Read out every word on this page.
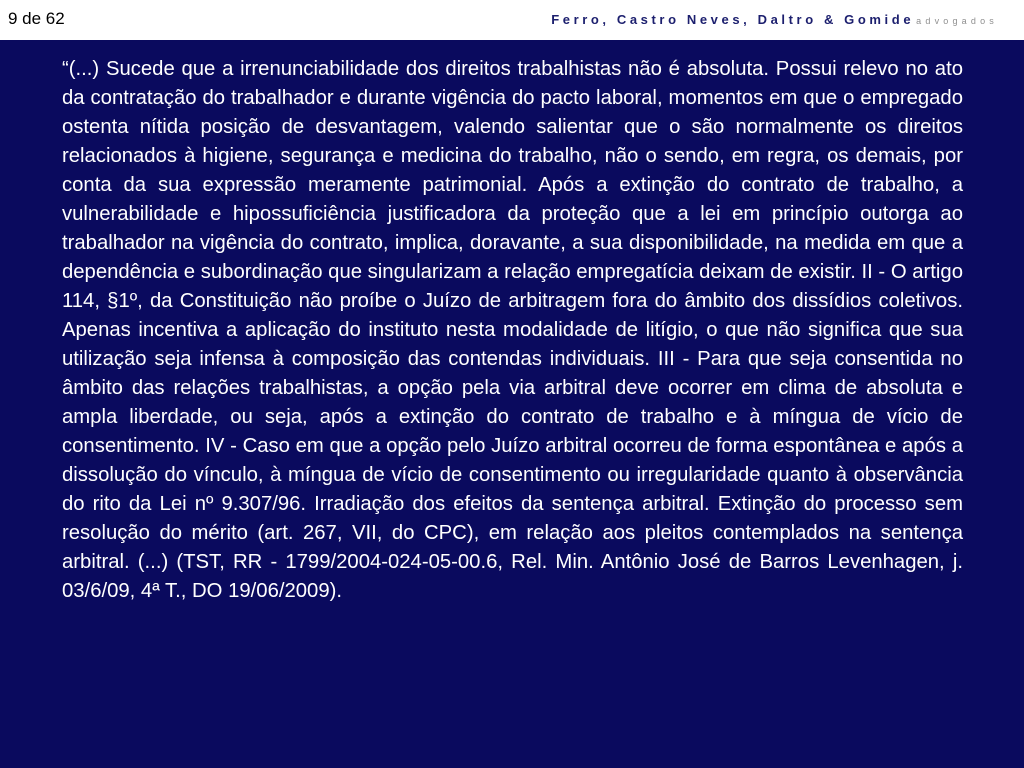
9 de 62	Ferro, Castro Neves, Daltro & Gomide advogados

“(...) Sucede que a irrenunciabilidade dos direitos trabalhistas não é absoluta. Possui relevo no ato da contratação do trabalhador e durante vigência do pacto laboral, momentos em que o empregado ostenta nítida posição de desvantagem, valendo salientar que o são normalmente os direitos relacionados à higiene, segurança e medicina do trabalho, não o sendo, em regra, os demais, por conta da sua expressão meramente patrimonial. Após a extinção do contrato de trabalho, a vulnerabilidade e hipossuficiência justificadora da proteção que a lei em princípio outorga ao trabalhador na vigência do contrato, implica, doravante, a sua disponibilidade, na medida em que a dependência e subordinação que singularizam a relação empregatícia deixam de existir. II - O artigo 114, §1º, da Constituição não proíbe o Juízo de arbitragem fora do âmbito dos dissídios coletivos. Apenas incentiva a aplicação do instituto nesta modalidade de litígio, o que não significa que sua utilização seja infensa à composição das contendas individuais. III - Para que seja consentida no âmbito das relações trabalhistas, a opção pela via arbitral deve ocorrer em clima de absoluta e ampla liberdade, ou seja, após a extinção do contrato de trabalho e à míngua de vício de consentimento. IV - Caso em que a opção pelo Juízo arbitral ocorreu de forma espontânea e após a dissolução do vínculo, à míngua de vício de consentimento ou irregularidade quanto à observância do rito da Lei nº 9.307/96. Irradiação dos efeitos da sentença arbitral. Extinção do processo sem resolução do mérito (art. 267, VII, do CPC), em relação aos pleitos contemplados na sentença arbitral. (...) (TST, RR - 1799/2004-024-05-00.6, Rel. Min. Antônio José de Barros Levenhagen, j. 03/6/09, 4ª T., DO 19/06/2009).
